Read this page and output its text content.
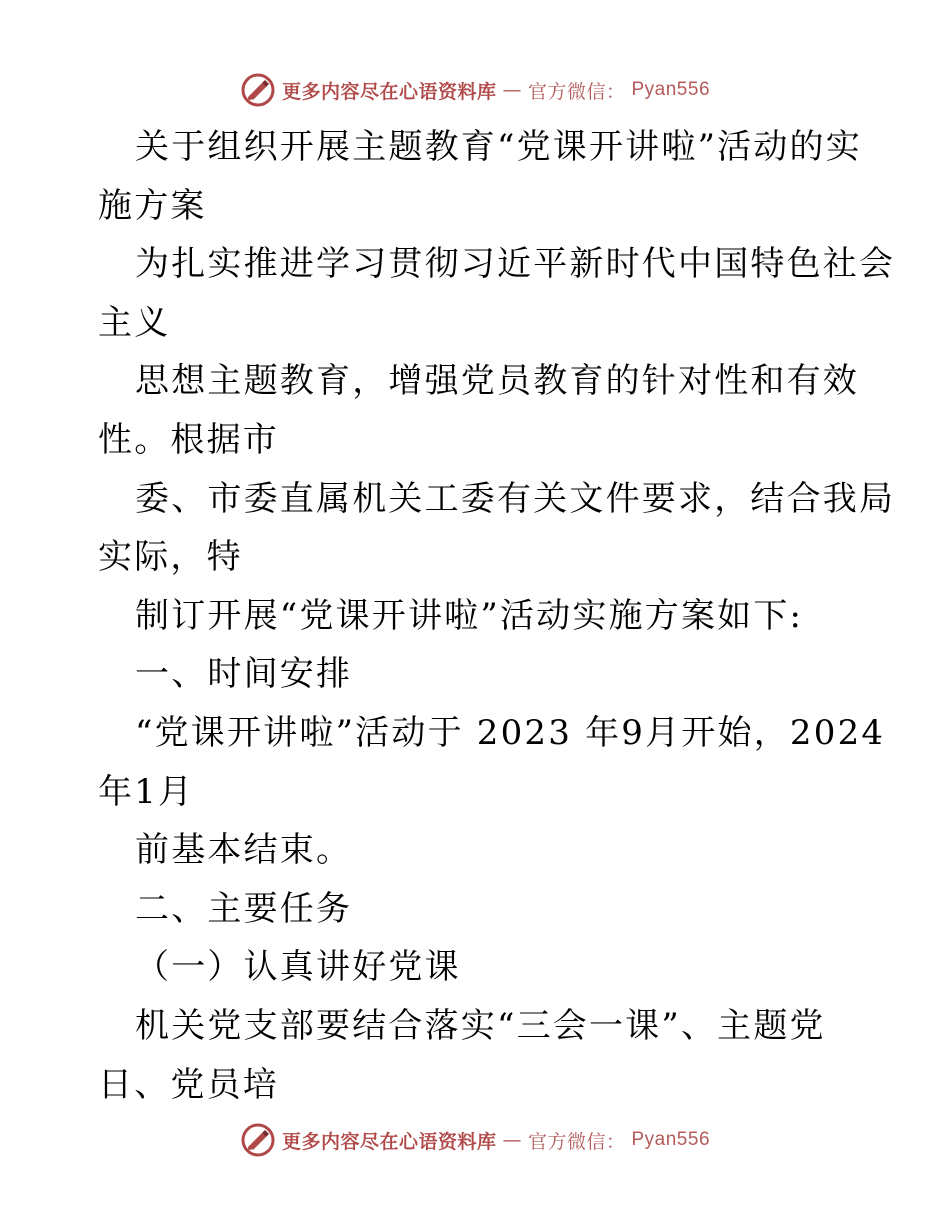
更多内容尽在心语资料库 — 官方微信： Pyan556
关于组织开展主题教育“党课开讲啦”活动的实
施方案
为扎实推进学习贯彻习近平新时代中国特色社会
主义
思想主题教育，增强党员教育的针对性和有效
性。根据市
委、市委直属机关工委有关文件要求，结合我局
实际，特
制订开展“党课开讲啦”活动实施方案如下:
一、时间安排
“党课开讲啦”活动于 2023 年9月开始，2024
年1月
前基本结束。
二、主要任务
（一）认真讲好党课
机关党支部要结合落实“三会一课”、主题党
日、党员培
更多内容尽在心语资料库 — 官方微信： Pyan556
